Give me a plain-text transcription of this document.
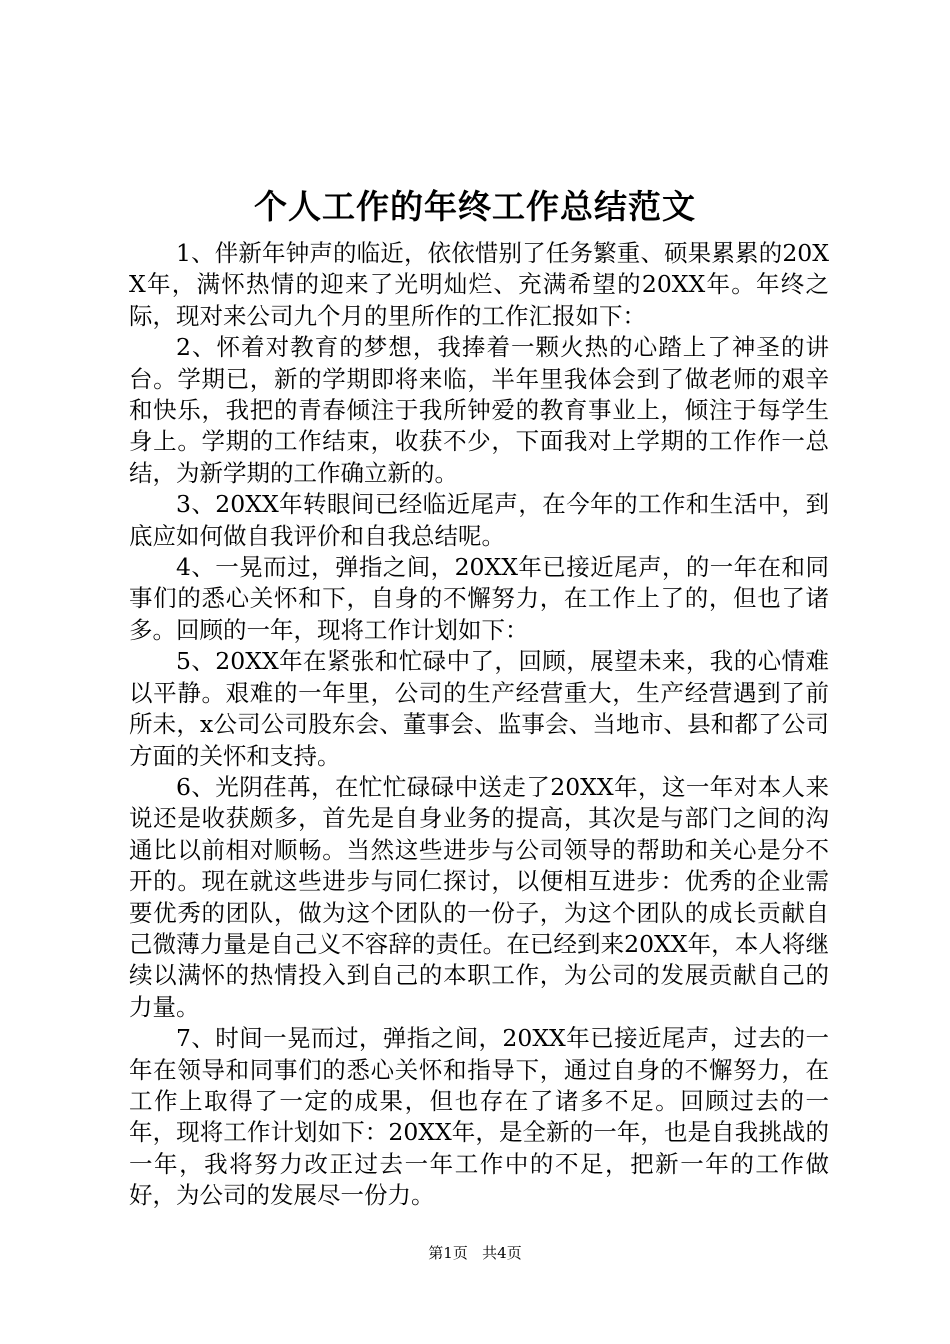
个人工作的年终工作总结范文

1、伴新年钟声的临近，依依惜别了任务繁重、硕果累累的20XX年，满怀热情的迎来了光明灿烂、充满希望的20XX年。年终之际，现对来公司九个月的里所作的工作汇报如下：

2、怀着对教育的梦想，我捧着一颗火热的心踏上了神圣的讲台。学期已，新的学期即将来临，半年里我体会到了做老师的艰辛和快乐，我把的青春倾注于我所钟爱的教育事业上，倾注于每学生身上。学期的工作结束，收获不少，下面我对上学期的工作作一总结，为新学期的工作确立新的。

3、20XX年转眼间已经临近尾声，在今年的工作和生活中，到底应如何做自我评价和自我总结呢。

4、一晃而过，弹指之间，20XX年已接近尾声，的一年在和同事们的悉心关怀和下，自身的不懈努力，在工作上了的，但也了诸多。回顾的一年，现将工作计划如下：

5、20XX年在紧张和忙碌中了，回顾，展望未来，我的心情难以平静。艰难的一年里，公司的生产经营重大，生产经营遇到了前所未，x公司公司股东会、董事会、监事会、当地市、县和都了公司方面的关怀和支持。

6、光阴荏苒，在忙忙碌碌中送走了20XX年，这一年对本人来说还是收获颇多，首先是自身业务的提高，其次是与部门之间的沟通比以前相对顺畅。当然这些进步与公司领导的帮助和关心是分不开的。现在就这些进步与同仁探讨，以便相互进步：优秀的企业需要优秀的团队，做为这个团队的一份子，为这个团队的成长贡献自己微薄力量是自己义不容辞的责任。在已经到来20XX年，本人将继续以满怀的热情投入到自己的本职工作，为公司的发展贡献自己的力量。

7、时间一晃而过，弹指之间，20XX年已接近尾声，过去的一年在领导和同事们的悉心关怀和指导下，通过自身的不懈努力，在工作上取得了一定的成果，但也存在了诸多不足。回顾过去的一年，现将工作计划如下：20XX年，是全新的一年，也是自我挑战的一年，我将努力改正过去一年工作中的不足，把新一年的工作做好，为公司的发展尽一份力。

第1页 共4页
